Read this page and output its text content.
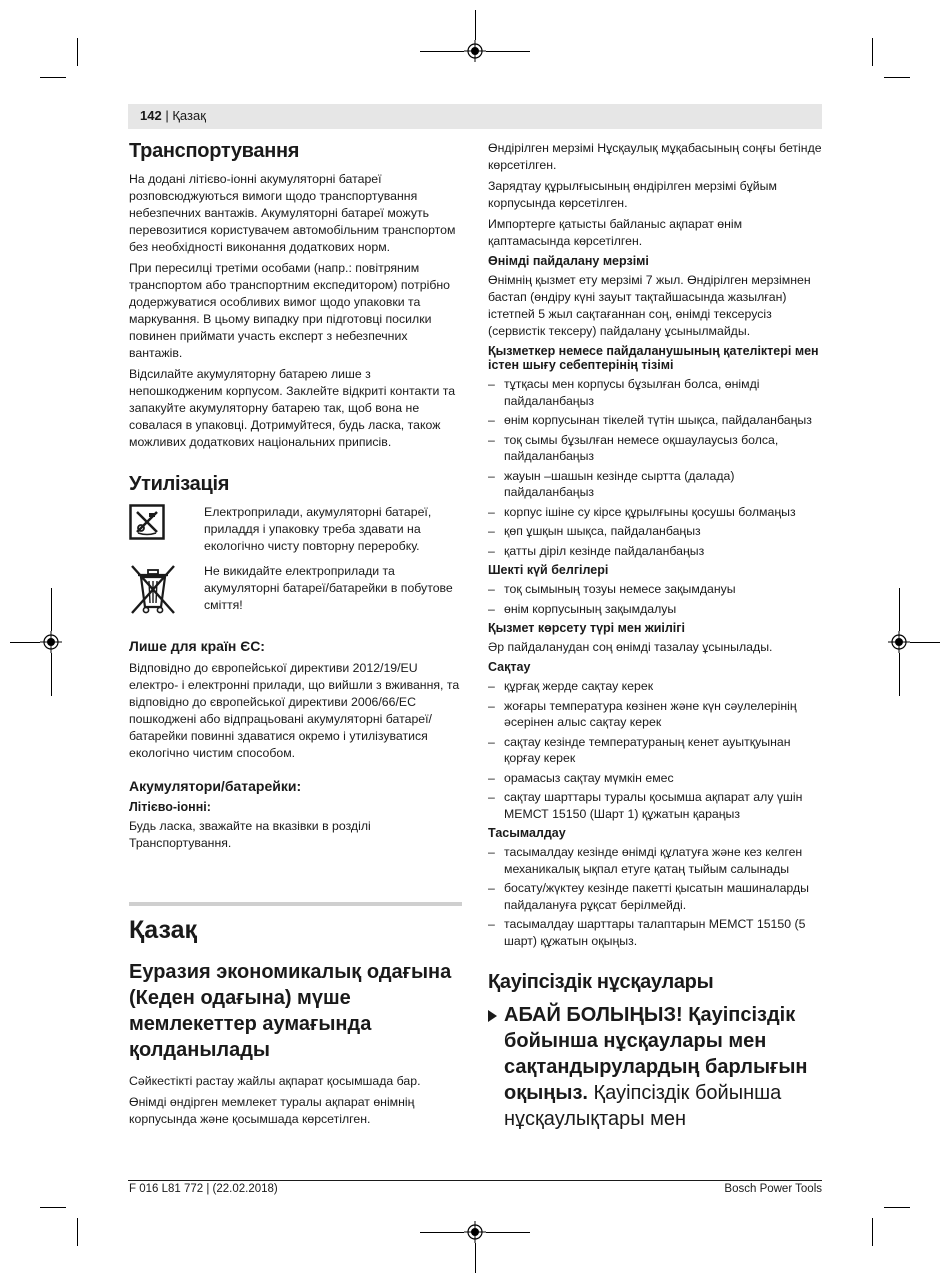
142 | Қазақ
Транспортування

На додані літієво-іонні акумуляторні батареї розповсюджуються вимоги щодо транспортування небезпечних вантажів. Акумуляторні батареї можуть перевозитися користувачем автомобільним транспортом без необхідності виконання додаткових норм.

При пересилці третіми особами (напр.: повітряним транспортом або транспортним експедитором) потрібно додержуватися особливих вимог щодо упаковки та маркування. В цьому випадку при підготовці посилки повинен приймати участь експерт з небезпечних вантажів.

Відсилайте акумуляторну батарею лише з непошкодженим корпусом. Заклейте відкриті контакти та запакуйте акумуляторну батарею так, щоб вона не совалася в упаковці. Дотримуйтеся, будь ласка, також можливих додаткових національних приписів.

Утилізація

Електроприлади, акумуляторні батареї, приладдя і упаковку треба здавати на екологічно чисту повторну переробку.

Не викидайте електроприлади та акумуляторні батареї/батарейки в побутове сміття!

Лише для країн ЄС:

Відповідно до європейської директиви 2012/19/EU електро- і електронні прилади, що вийшли з вживання, та відповідно до європейської директиви 2006/66/EC пошкоджені або відпрацьовані акумуляторні батареї/батарейки повинні здаватися окремо і утилізуватися екологічно чистим способом.

Акумулятори/батарейки:
Літієво-іонні:

Будь ласка, зважайте на вказівки в розділі Транспортування.

Қазақ
Еуразия экономикалық одағына (Кеден одағына) мүше мемлекеттер аумағында қолданылады

Сәйкестікті растау жайлы ақпарат қосымшада бар.

Өнімді өндірген мемлекет туралы ақпарат өнімнің корпусында және қосымшада көрсетілген.

Өндірілген мерзімі Нұсқаулық мұқабасының соңғы бетінде көрсетілген.

Зарядтау құрылғысының өндірілген мерзімі бұйым корпусында көрсетілген.

Импортерге қатысты байланыс ақпарат өнім қаптамасында көрсетілген.

Өнімді пайдалану мерзімі

Өнімнің қызмет ету мерзімі 7 жыл. Өндірілген мерзімнен бастап (өндіру күні зауыт тақтайшасында жазылған) істетпей 5 жыл сақтағаннан соң, өнімді тексерусіз (сервистік тексеру) пайдалану ұсынылмайды.

Қызметкер немесе пайдаланушының қателіктері мен істен шығу себептерінің тізімі
– тұтқасы мен корпусы бұзылған болса, өнімді пайдаланбаңыз
– өнім корпусынан тікелей түтін шықса, пайдаланбаңыз
– тоқ сымы бұзылған немесе оқшаулаусыз болса, пайдаланбаңыз
– жауын –шашын кезінде сыртта (далада) пайдаланбаңыз
– корпус ішіне су кірсе құрылғыны қосушы болмаңыз
– қөп ұшқын шықса, пайдаланбаңыз
– қатты діріл кезінде пайдаланбаңыз
Шекті күй белгілері
– тоқ сымының тозуы немесе зақымдануы
– өнім корпусының зақымдалуы
Қызмет көрсету түрі мен жиілігі

Әр пайдаланудан соң өнімді тазалау ұсынылады.

Сақтау
– құрғақ жерде сақтау керек
– жоғары температура көзінен және күн сәулелерінің әсерінен алыс сақтау керек
– сақтау кезінде температураның кенет ауытқуынан қорғау керек
– орамасыз сақтау мүмкін емес
– сақтау шарттары туралы қосымша ақпарат алу үшін МЕМСТ 15150 (Шарт 1) құжатын қараңыз
Тасымалдау
– тасымалдау кезінде өнімді құлатуға және кез келген механикалық ықпал етуге қатаң тыйым салынады
– босату/жүктеу кезінде пакетті қысатын машиналарды пайдалануға рұқсат берілмейді.
– тасымалдау шарттары талаптарын МЕМСТ 15150 (5 шарт) құжатын оқыңыз.
Қауіпсіздік нұсқаулары
АБАЙ БОЛЫҢЫЗ! Қауіпсіздік бойынша нұсқаулары мен сақтандырулардың барлығын оқыңыз. Қауіпсіздік бойынша нұсқаулықтары мен
F 016 L81 772 | (22.02.2018)	Bosch Power Tools
